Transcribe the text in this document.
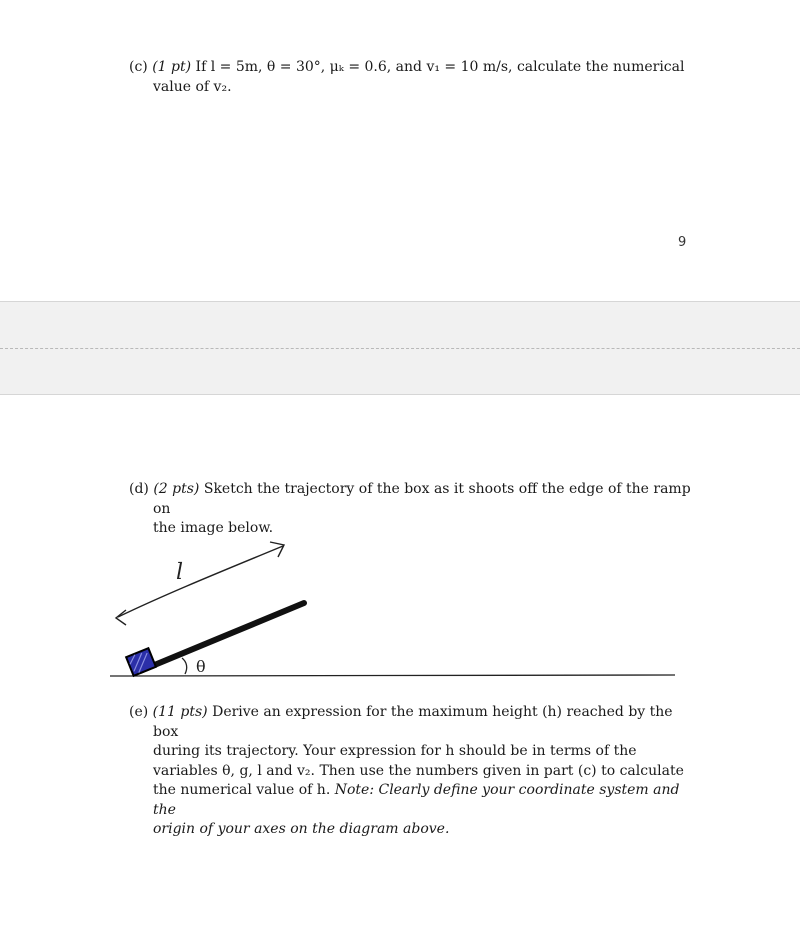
(c) (1 pt) If l = 5m, θ = 30°, μₖ = 0.6, and v₁ = 10 m/s, calculate the numerical
value of v₂.

9

(d) (2 pts) Sketch the trajectory of the box as it shoots off the edge of the ramp on
the image below.

l
θ

(e) (11 pts) Derive an expression for the maximum height (h) reached by the box
during its trajectory. Your expression for h should be in terms of the
variables θ, g, l and v₂. Then use the numbers given in part (c) to calculate
the numerical value of h. Note: Clearly define your coordinate system and the
origin of your axes on the diagram above.
